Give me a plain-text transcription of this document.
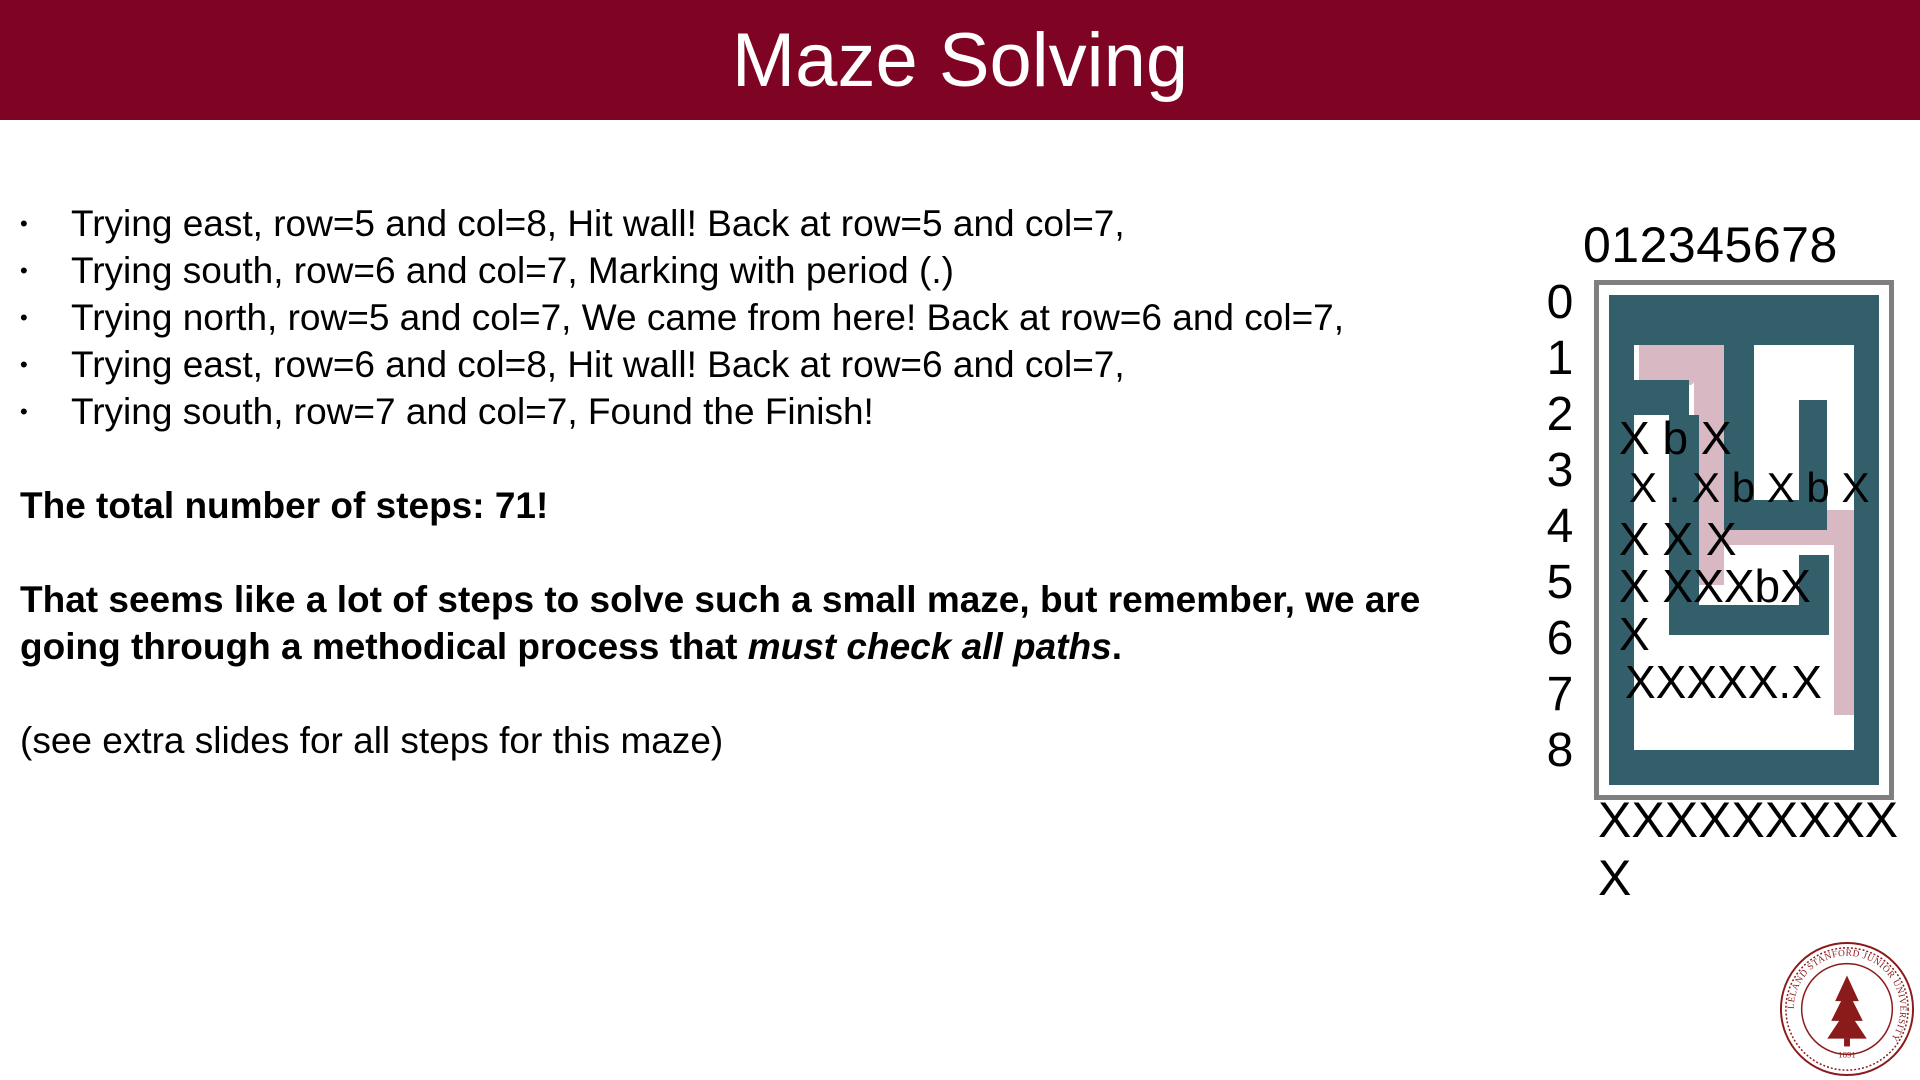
Maze Solving
• Trying east, row=5 and col=8, Hit wall! Back at row=5 and col=7,
• Trying south, row=6 and col=7, Marking with period (.)
• Trying north, row=5 and col=7, We came from here! Back at row=6 and col=7,
• Trying east, row=6 and col=8, Hit wall! Back at row=6 and col=7,
• Trying south, row=7 and col=7, Found the Finish!

The total number of steps: 71!

That seems like a lot of steps to solve such a small maze, but remember, we are going through a methodical process that must check all paths.

(see extra slides for all steps for this maze)

012345678
0
1
2
3
4
5
6
7
8
X b X
X . X b X b X
X X X
X XXXbX
X
XXXXX.X
XXXXXXXXX
X
LELAND STANFORD JUNIOR UNIVERSITY
1891
